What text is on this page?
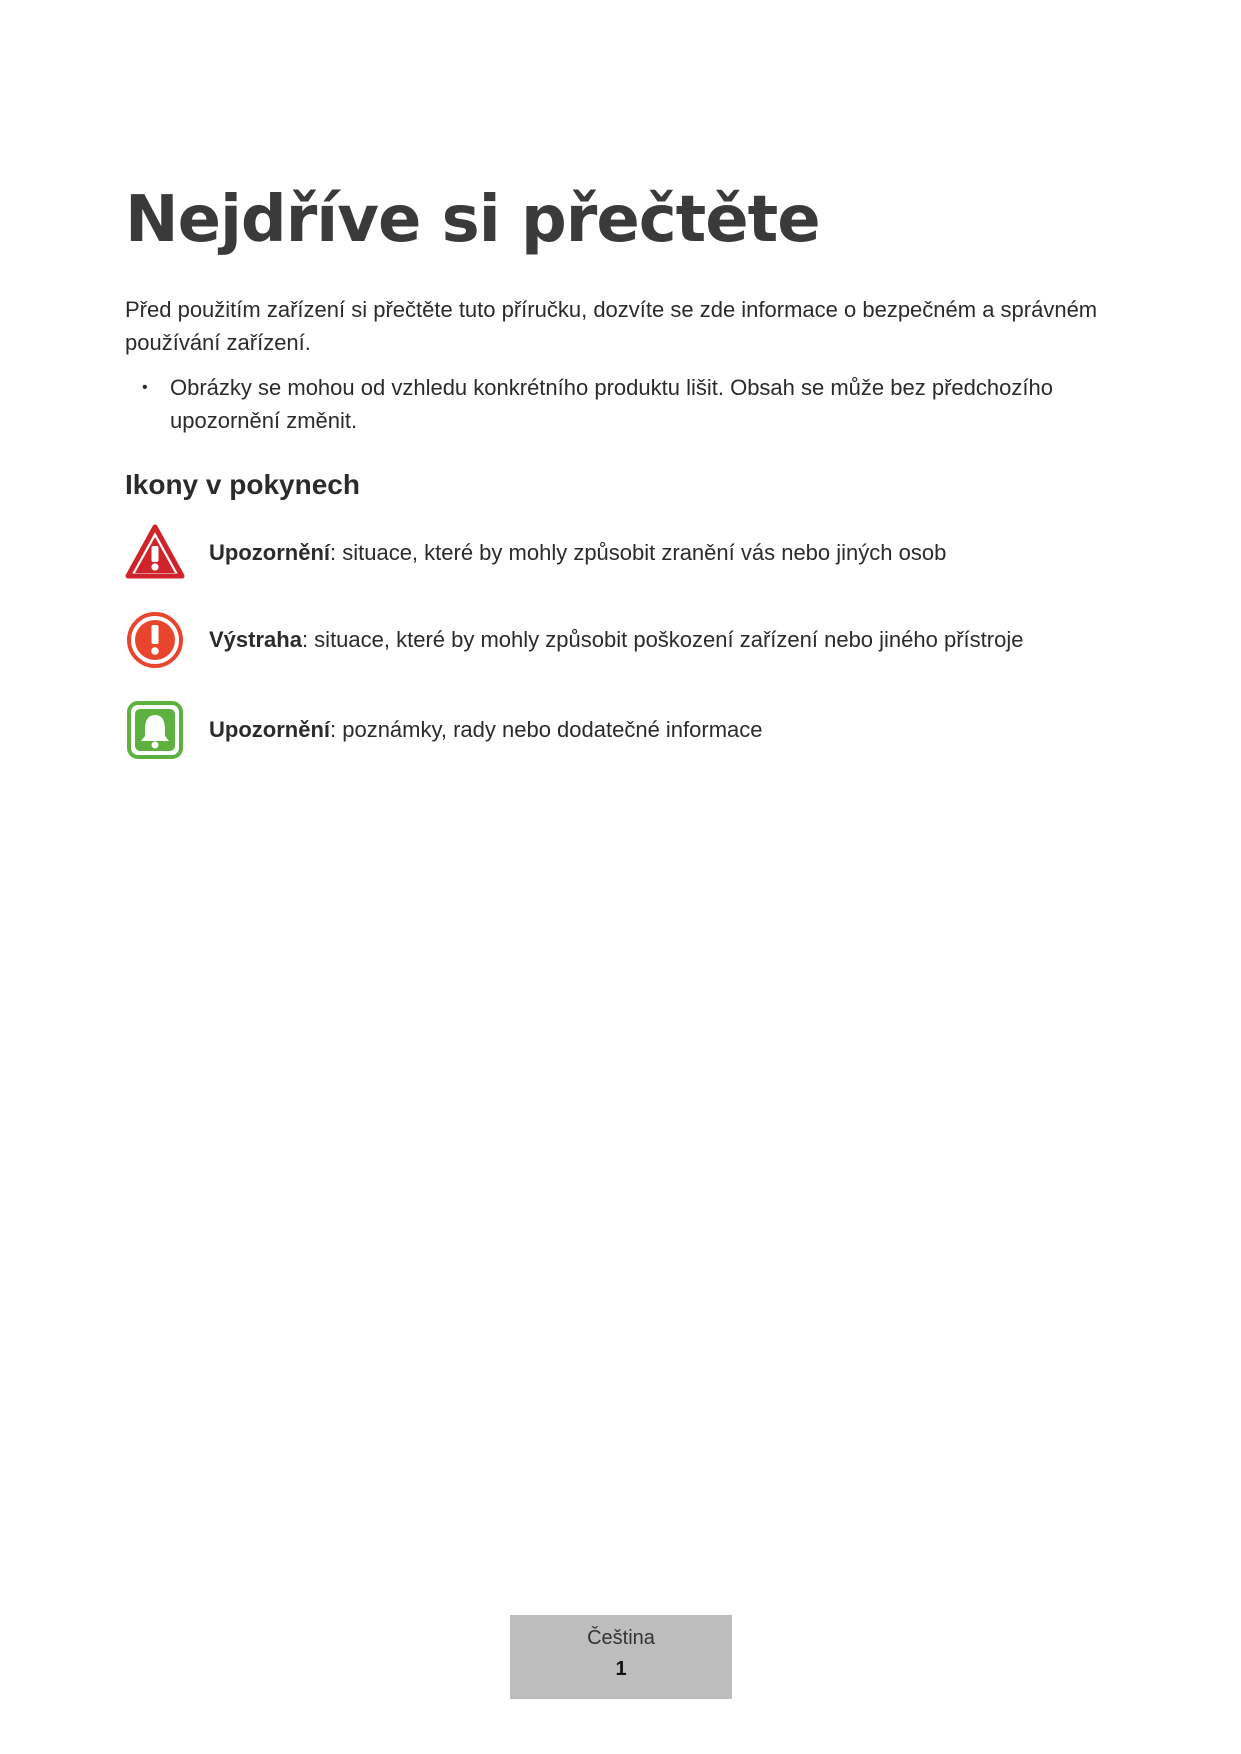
Nejdříve si přečtěte

Před použitím zařízení si přečtěte tuto příručku, dozvíte se zde informace o bezpečném a správném používání zařízení.

• Obrázky se mohou od vzhledu konkrétního produktu lišit. Obsah se může bez předchozího upozornění změnit.
Ikony v pokynech
Upozornění: situace, které by mohly způsobit zranění vás nebo jiných osob
Výstraha: situace, které by mohly způsobit poškození zařízení nebo jiného přístroje
Upozornění: poznámky, rady nebo dodatečné informace
Čeština
1
